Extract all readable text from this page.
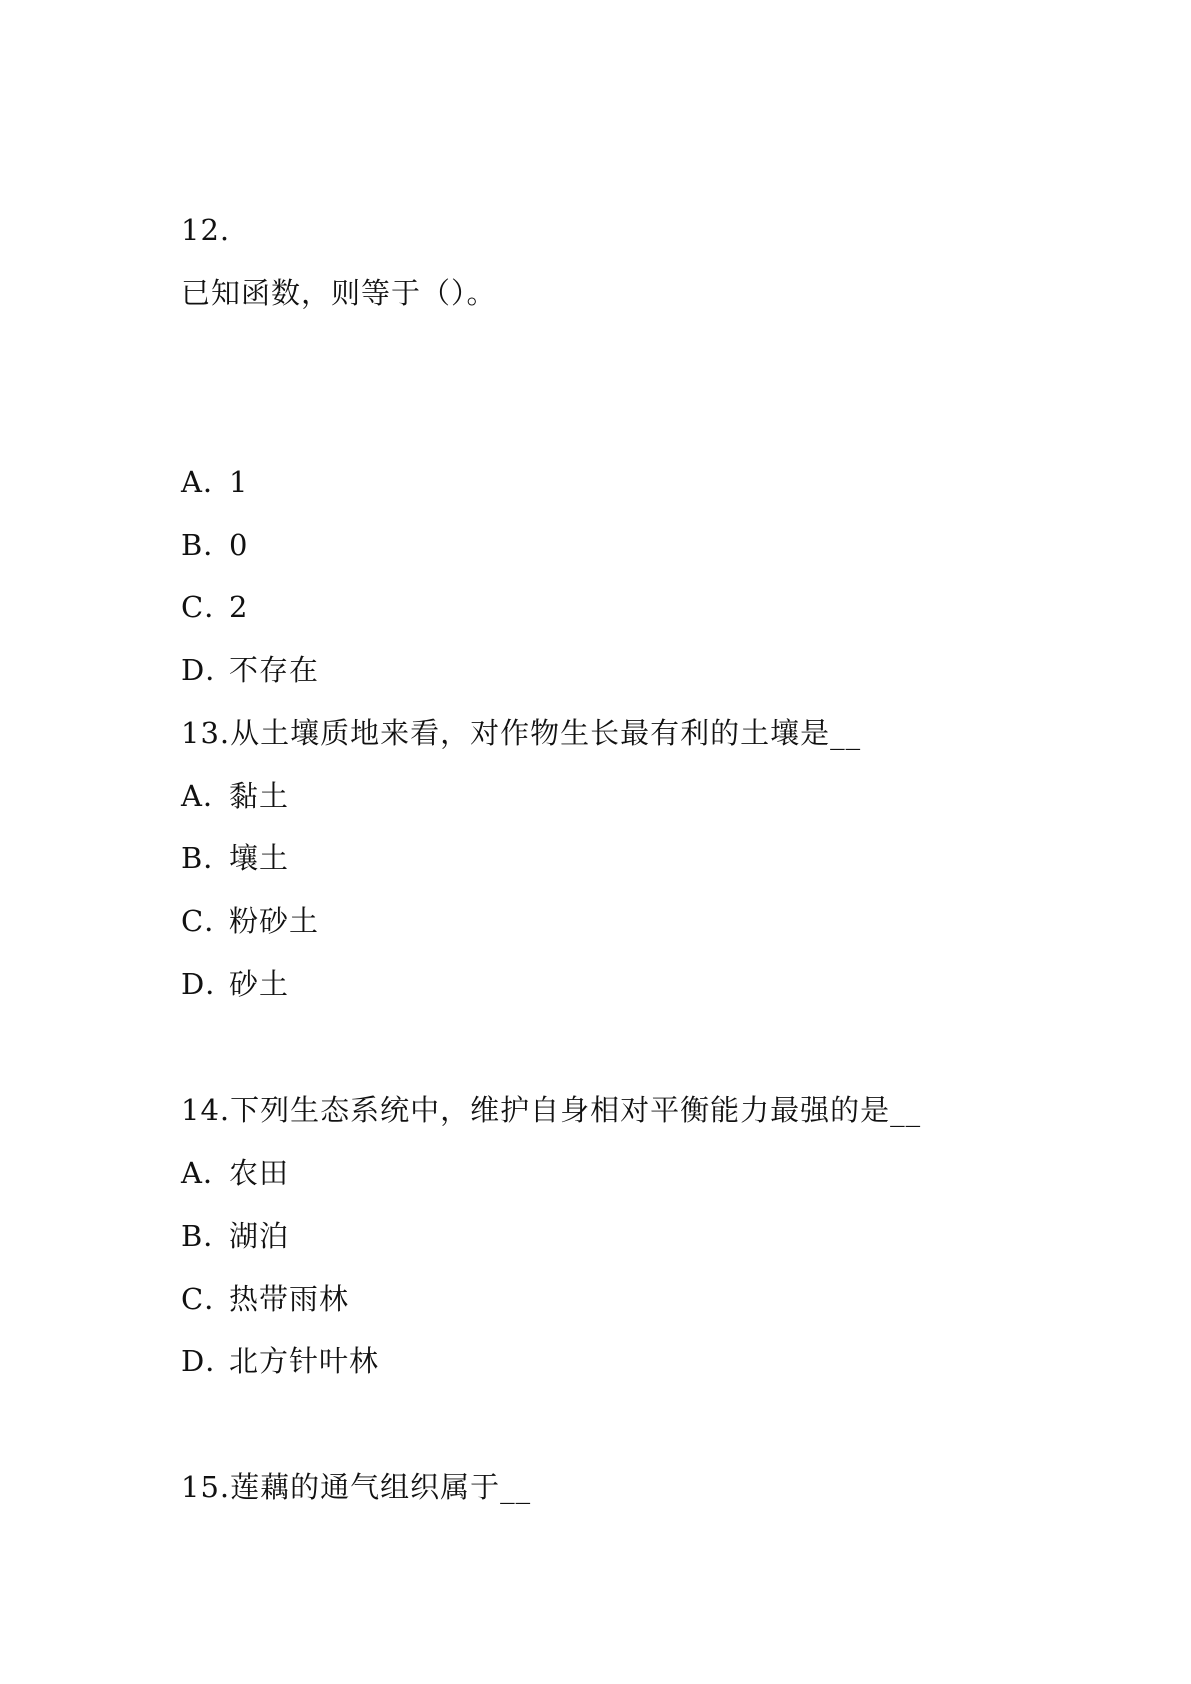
12.
已知函数，则等于（）。
A．1
B．0
C．2
D．不存在
13.从土壤质地来看，对作物生长最有利的土壤是__
A．黏土
B．壤土
C．粉砂土
D．砂土
14.下列生态系统中，维护自身相对平衡能力最强的是__
A．农田
B．湖泊
C．热带雨林
D．北方针叶林
15.莲藕的通气组织属于__
